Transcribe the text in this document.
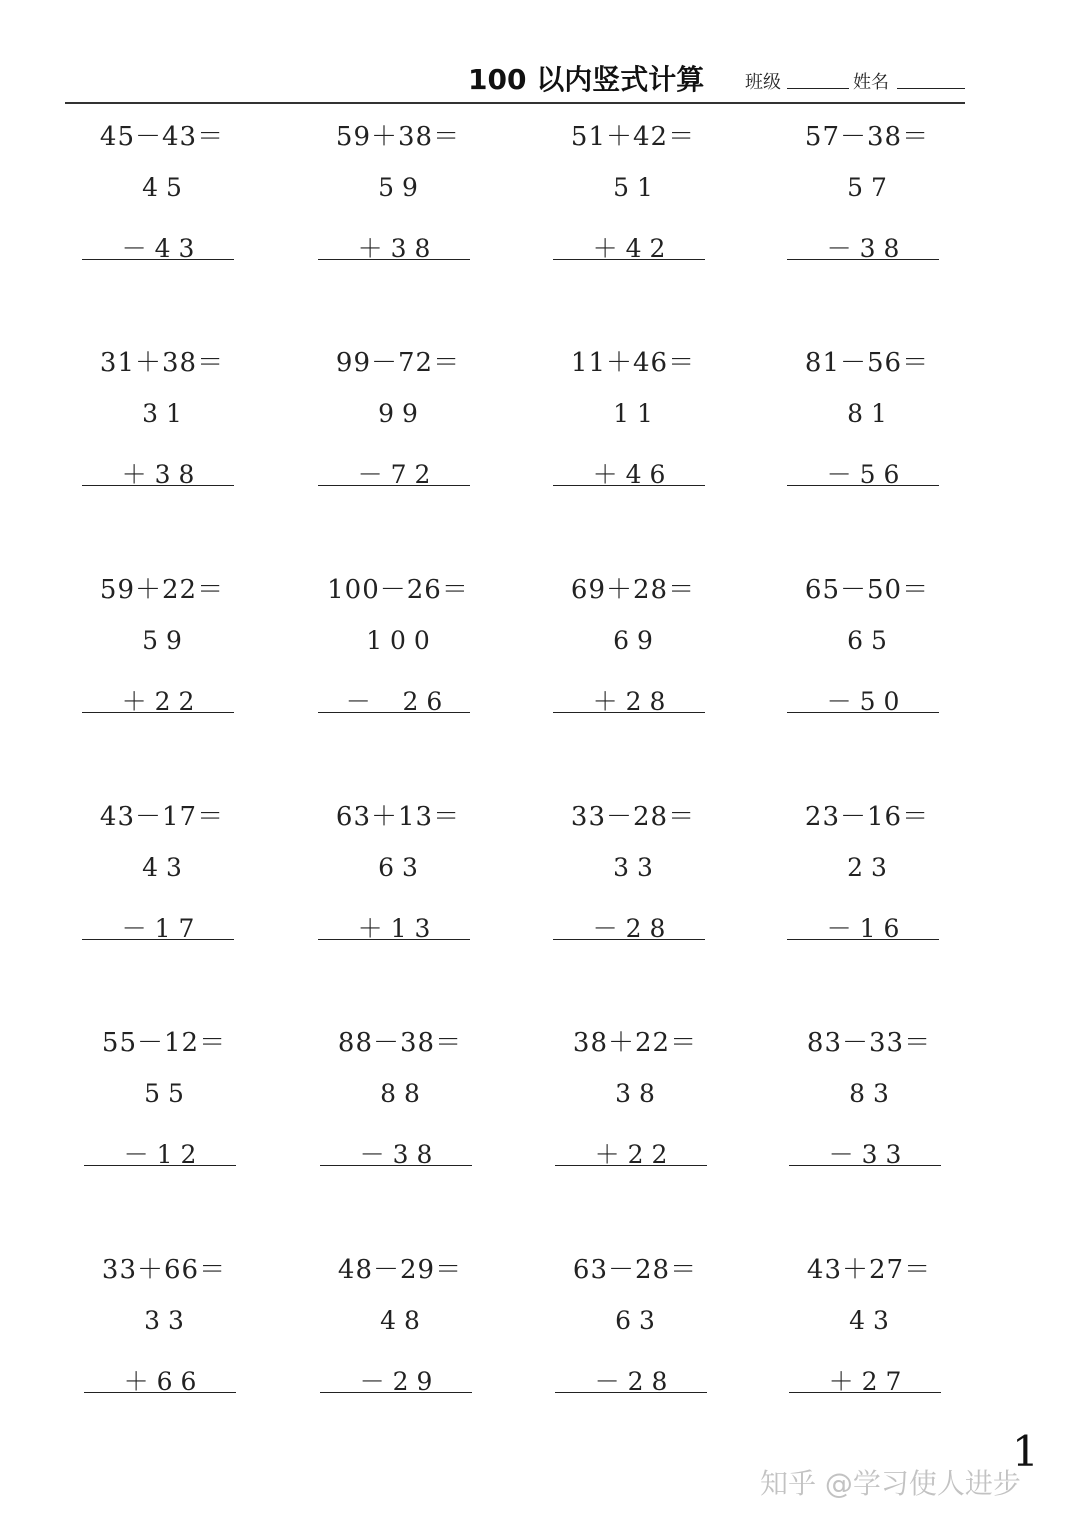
100 以内竖式计算 班级	姓名
45－43＝
4 5
－ 4 3
59＋38＝
5 9
＋ 3 8
51＋42＝
5 1
＋ 4 2
57－38＝
5 7
－ 3 8
31＋38＝
3 1
＋ 3 8
99－72＝
9 9
－ 7 2
11＋46＝
1 1
＋ 4 6
81－56＝
8 1
－ 5 6
59＋22＝
5 9
＋ 2 2
100－26＝
1 0 0
－    2 6
69＋28＝
6 9
＋ 2 8
65－50＝
6 5
－ 5 0
43－17＝
4 3
－ 1 7
63＋13＝
6 3
＋ 1 3
33－28＝
3 3
－ 2 8
23－16＝
2 3
－ 1 6
55－12＝
5 5
－ 1 2
88－38＝
8 8
－ 3 8
38＋22＝
3 8
＋ 2 2
83－33＝
8 3
－ 3 3
33＋66＝
3 3
＋ 6 6
48－29＝
4 8
－ 2 9
63－28＝
6 3
－ 2 8
43＋27＝
4 3
＋ 2 7
1
知乎 @学习使人进步
